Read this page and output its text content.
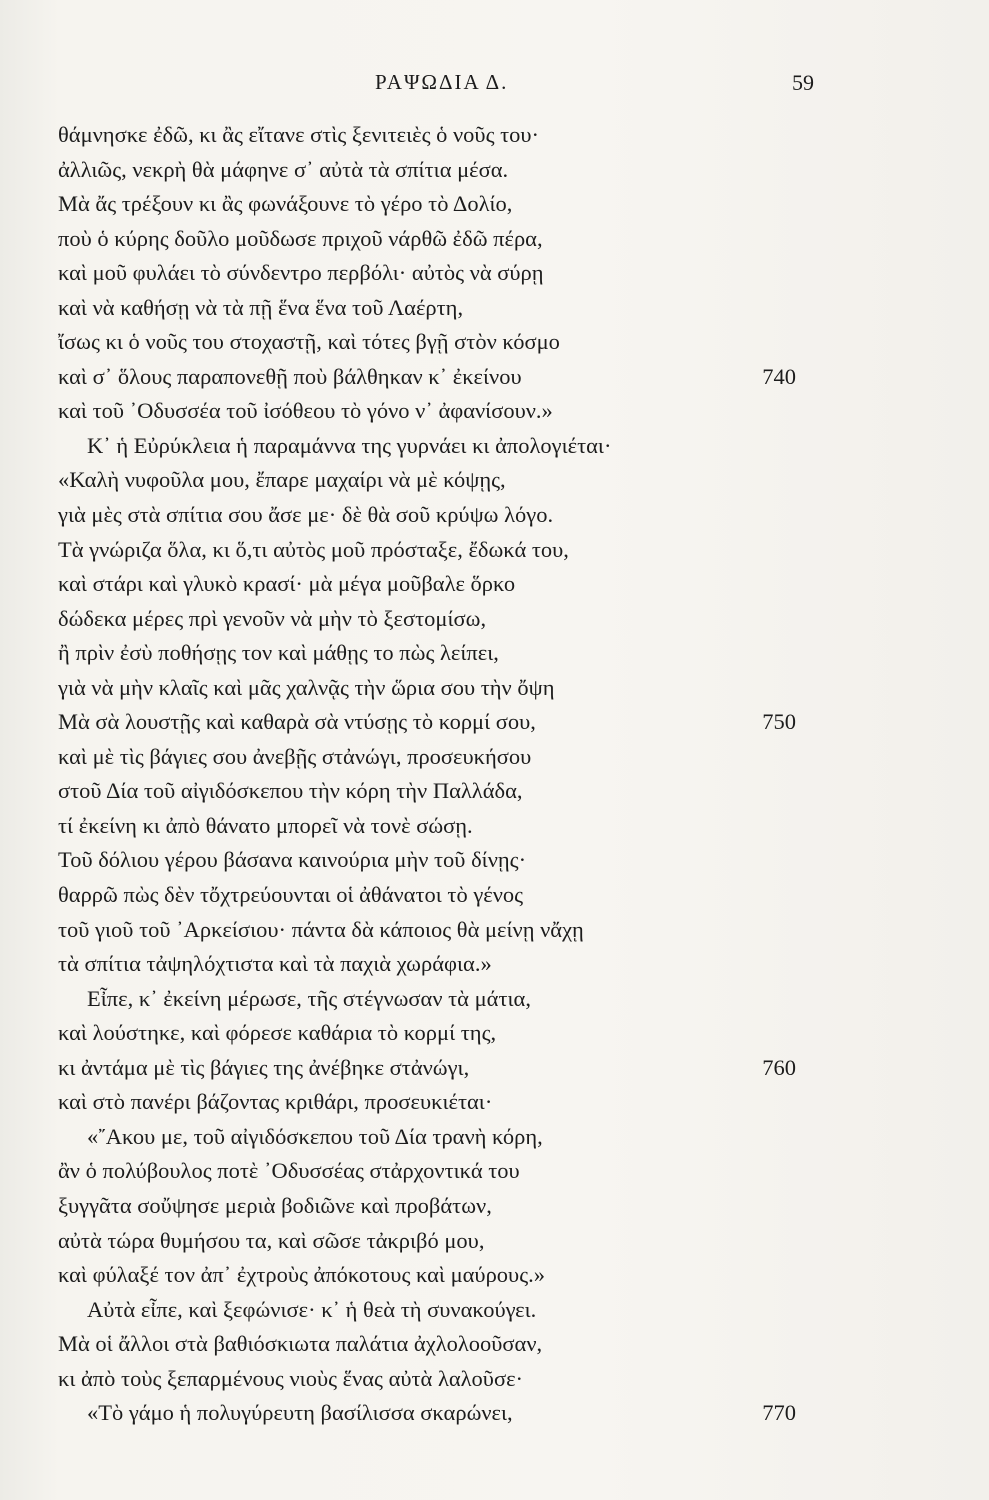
ΡΑΨΩΔΙΑ Δ.	59
θάμνησκε ἐδῶ, κι ἂς εἴτανε στὶς ξενιτειὲς ὁ νοῦς του·
ἀλλιῶς, νεκρὴ θὰ μάφηνε σ᾿ αὐτὰ τὰ σπίτια μέσα.
Μὰ ἄς τρέξουν κι ἂς φωνάξουνε τὸ γέρο τὸ Δολίο,
ποὺ ὁ κύρης δοῦλο μοῦδωσε πριχοῦ νάρθῶ ἐδῶ πέρα,
καὶ μοῦ φυλάει τὸ σύνδεντρο περβόλι· αὐτὸς νὰ σύρῃ
καὶ νὰ καθήσῃ νὰ τὰ πῇ ἕνα ἕνα τοῦ Λαέρτη,
ἴσως κι ὁ νοῦς του στοχαστῇ, καὶ τότες βγῇ στὸν κόσμο
καὶ σ᾿ ὅλους παραπονεθῇ ποὺ βάλθηκαν κ᾿ ἐκείνου	740
καὶ τοῦ ᾿Οδυσσέα τοῦ ἰσόθεου τὸ γόνο ν᾿ ἀφανίσουν.»
Κ᾿ ἡ Εὐρύκλεια ἡ παραμάννα της γυρνάει κι ἀπολογιέται·
«Καλὴ νυφοῦλα μου, ἔπαρε μαχαίρι νὰ μὲ κόψῃς,
γιὰ μὲς στὰ σπίτια σου ἄσε με· δὲ θὰ σοῦ κρύψω λόγο.
Τὰ γνώριζα ὅλα, κι ὅ,τι αὐτὸς μοῦ πρόσταξε, ἔδωκά του,
καὶ στάρι καὶ γλυκὸ κρασί· μὰ μέγα μοῦβαλε ὅρκο
δώδεκα μέρες πρὶ γενοῦν νὰ μὴν τὸ ξεστομίσω,
ἢ πρὶν ἐσὺ ποθήσῃς τον καὶ μάθῃς το πὼς λείπει,
γιὰ νὰ μὴν κλαῖς καὶ μᾶς χαλνᾷς τὴν ὥρια σου τὴν ὄψη
Μὰ σὰ λουστῇς καὶ καθαρὰ σὰ ντύσῃς τὸ κορμί σου,	750
καὶ μὲ τὶς βάγιες σου ἀνεβῇς στἀνώγι, προσευκήσου
στοῦ Δία τοῦ αἰγιδόσκεπου τὴν κόρη τὴν Παλλάδα,
τί ἐκείνη κι ἀπὸ θάνατο μπορεῖ νὰ τονὲ σώσῃ.
Τοῦ δόλιου γέρου βάσανα καινούρια μὴν τοῦ δίνῃς·
θαρρῶ πὼς δὲν τὄχτρεύουνται οἱ ἀθάνατοι τὸ γένος
τοῦ γιοῦ τοῦ ᾿Αρκείσιου· πάντα δὰ κάποιος θὰ μείνῃ νἄχῃ
τὰ σπίτια τἀψηλόχτιστα καὶ τὰ παχιὰ χωράφια.»
Εἶπε, κ᾿ ἐκείνη μέρωσε, τῆς στέγνωσαν τὰ μάτια,
καὶ λούστηκε, καὶ φόρεσε καθάρια τὸ κορμί της,
κι ἀντάμα μὲ τὶς βάγιες της ἀνέβηκε στἀνώγι,	760
καὶ στὸ πανέρι βάζοντας κριθάρι, προσευκιέται·
«῎Ακου με, τοῦ αἰγιδόσκεπου τοῦ Δία τρανὴ κόρη,
ἂν ὁ πολύβουλος ποτὲ ᾿Οδυσσέας στἀρχοντικά του
ξυγγᾶτα σοὔψησε μεριὰ βοδιῶνε καὶ προβάτων,
αὐτὰ τώρα θυμήσου τα, καὶ σῶσε τἀκριβό μου,
καὶ φύλαξέ τον ἀπ᾿ ἐχτροὺς ἀπόκοτους καὶ μαύρους.»
Αὐτὰ εἶπε, καὶ ξεφώνισε· κ᾿ ἡ θεὰ τὴ συνακούγει.
Μὰ οἱ ἄλλοι στὰ βαθιόσκιωτα παλάτια ἀχλολοοῦσαν,
κι ἀπὸ τοὺς ξεπαρμένους νιοὺς ἕνας αὐτὰ λαλοῦσε·
«Τὸ γάμο ἡ πολυγύρευτη βασίλισσα σκαρώνει,	770
